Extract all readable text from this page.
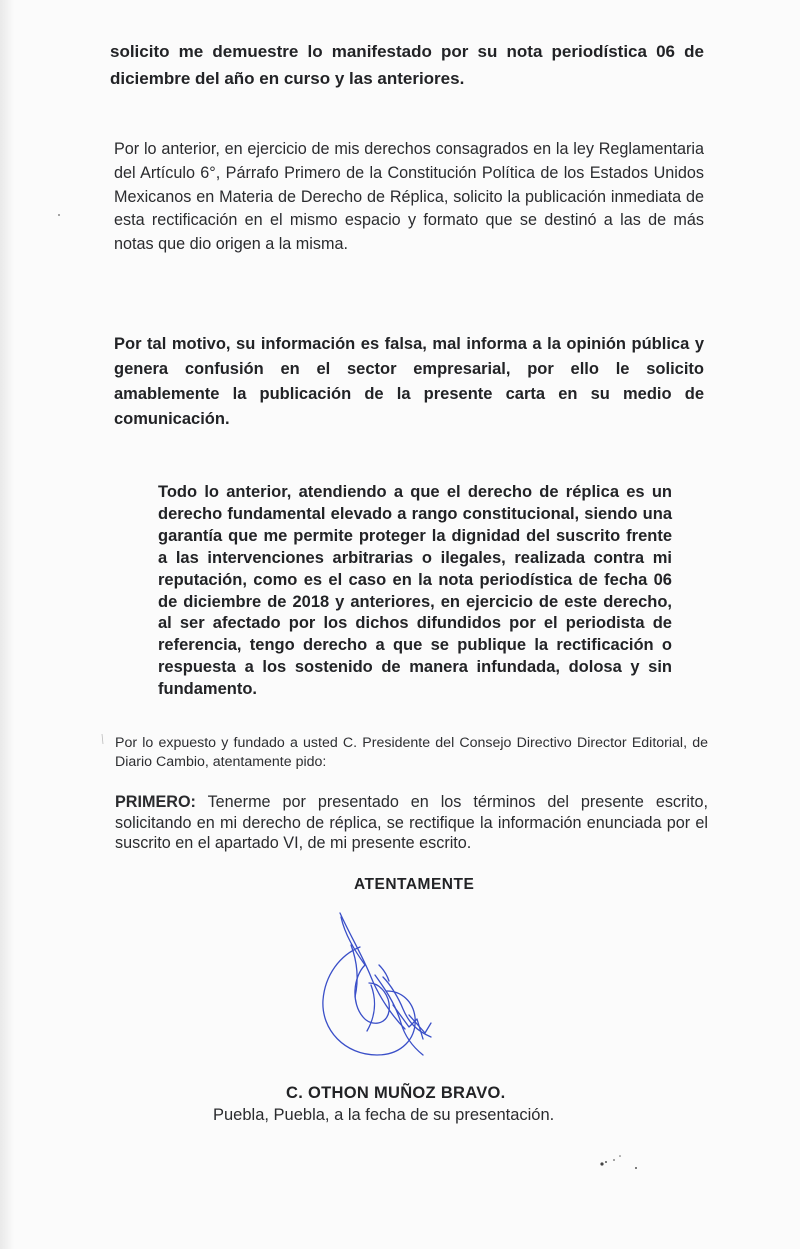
solicito me demuestre lo manifestado por su nota periodística 06 de diciembre del año en curso y las anteriores.

Por lo anterior, en ejercicio de mis derechos consagrados en la ley Reglamentaria del Artículo 6°, Párrafo Primero de la Constitución Política de los Estados Unidos Mexicanos en Materia de Derecho de Réplica, solicito la publicación inmediata de esta rectificación en el mismo espacio y formato que se destinó a las de más notas que dio origen a la misma.

Por tal motivo, su información es falsa, mal informa a la opinión pública y genera confusión en el sector empresarial, por ello le solicito amablemente la publicación de la presente carta en su medio de comunicación.

Todo lo anterior, atendiendo a que el derecho de réplica es un derecho fundamental elevado a rango constitucional, siendo una garantía que me permite proteger la dignidad del suscrito frente a las intervenciones arbitrarias o ilegales, realizada contra mi reputación, como es el caso en la nota periodística de fecha 06 de diciembre de 2018 y anteriores, en ejercicio de este derecho, al ser afectado por los dichos difundidos por el periodista de referencia, tengo derecho a que se publique la rectificación o respuesta a los sostenido de manera infundada, dolosa y sin fundamento.

Por lo expuesto y fundado a usted C. Presidente del Consejo Directivo Director Editorial, de Diario Cambio, atentamente pido:

PRIMERO: Tenerme por presentado en los términos del presente escrito, solicitando en mi derecho de réplica, se rectifique la información enunciada por el suscrito en el apartado VI, de mi presente escrito.

ATENTAMENTE
C. OTHON MUÑOZ BRAVO.
Puebla, Puebla, a la fecha de su presentación.
